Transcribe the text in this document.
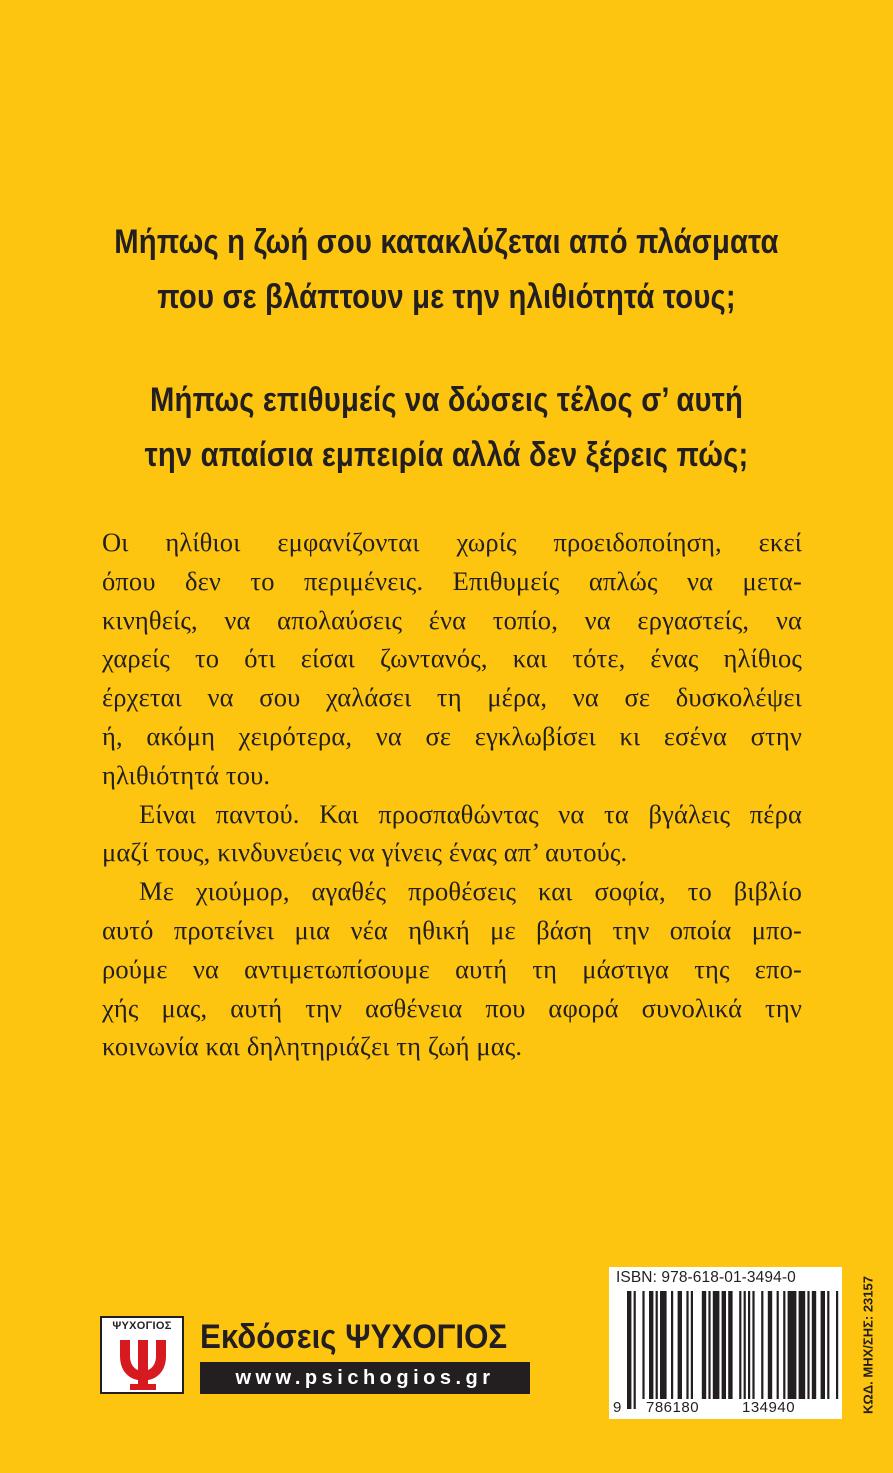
Μήπως η ζωή σου κατακλύζεται από πλάσματα
που σε βλάπτουν με την ηλιθιότητά τους;
Μήπως επιθυμείς να δώσεις τέλος σ’ αυτή
την απαίσια εμπειρία αλλά δεν ξέρεις πώς;
Οι ηλίθιοι εμφανίζονται χωρίς προειδοποίηση, εκεί
όπου δεν το περιμένεις. Επιθυμείς απλώς να μετα-
κινηθείς, να απολαύσεις ένα τοπίο, να εργαστείς, να
χαρείς το ότι είσαι ζωντανός, και τότε, ένας ηλίθιος
έρχεται να σου χαλάσει τη μέρα, να σε δυσκολέψει
ή, ακόμη χειρότερα, να σε εγκλωβίσει κι εσένα στην
ηλιθιότητά του.
Είναι παντού. Και προσπαθώντας να τα βγάλεις πέρα
μαζί τους, κινδυνεύεις να γίνεις ένας απ’ αυτούς.
Με χιούμορ, αγαθές προθέσεις και σοφία, το βιβλίο
αυτό προτείνει μια νέα ηθική με βάση την οποία μπο-
ρούμε να αντιμετωπίσουμε αυτή τη μάστιγα της επο-
χής μας, αυτή την ασθένεια που αφορά συνολικά την
κοινωνία και δηλητηριάζει τη ζωή μας.
ΨΥΧΟΓΙΟΣ Εκδόσεις ΨΥΧΟΓΙΟΣ
www.psichogios.gr
ISBN: 978-618-01-3494-0
9 786180	134940	ΚΩΔ. ΜΗΧ/ΣΗΣ: 23157
